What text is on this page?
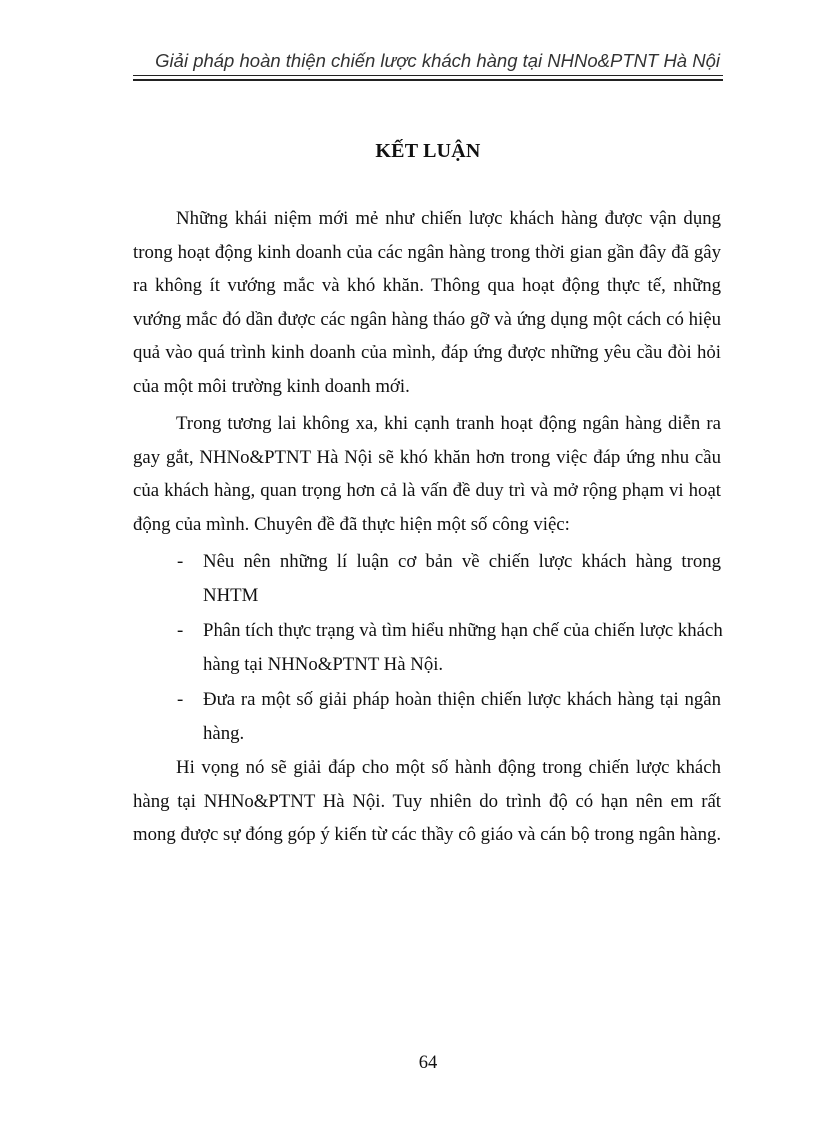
Giải pháp hoàn thiện chiến lược khách hàng tại NHNo&PTNT Hà Nội
KẾT LUẬN
Những khái niệm mới mẻ như chiến lược khách hàng được vận dụng
trong hoạt động kinh doanh của các ngân hàng trong thời gian gần đây đã gây
ra không ít vướng mắc và khó khăn. Thông qua hoạt động thực tế, những
vướng mắc đó dần được các ngân hàng tháo gỡ và ứng dụng một cách có hiệu
quả vào quá trình kinh doanh của mình, đáp ứng được những yêu cầu đòi hỏi
của một môi trường kinh doanh mới.
Trong tương lai không xa, khi cạnh tranh hoạt động ngân hàng diễn ra
gay gắt, NHNo&PTNT Hà Nội sẽ khó khăn hơn trong việc đáp ứng nhu cầu
của khách hàng, quan trọng hơn cả là vấn đề duy trì và mở rộng phạm vi hoạt
động của mình. Chuyên đề đã thực hiện một số công việc:
- Nêu nên những lí luận cơ bản về chiến lược khách hàng trong
NHTM
- Phân tích thực trạng và tìm hiểu những hạn chế của chiến lược khách
hàng tại NHNo&PTNT Hà Nội.
- Đưa ra một số giải pháp hoàn thiện chiến lược khách hàng tại ngân
hàng.
Hi vọng nó sẽ giải đáp cho một số hành động trong chiến lược khách
hàng tại NHNo&PTNT Hà Nội. Tuy nhiên do trình độ có hạn nên em rất
mong được sự đóng góp ý kiến từ các thầy cô giáo và cán bộ trong ngân hàng.
64
